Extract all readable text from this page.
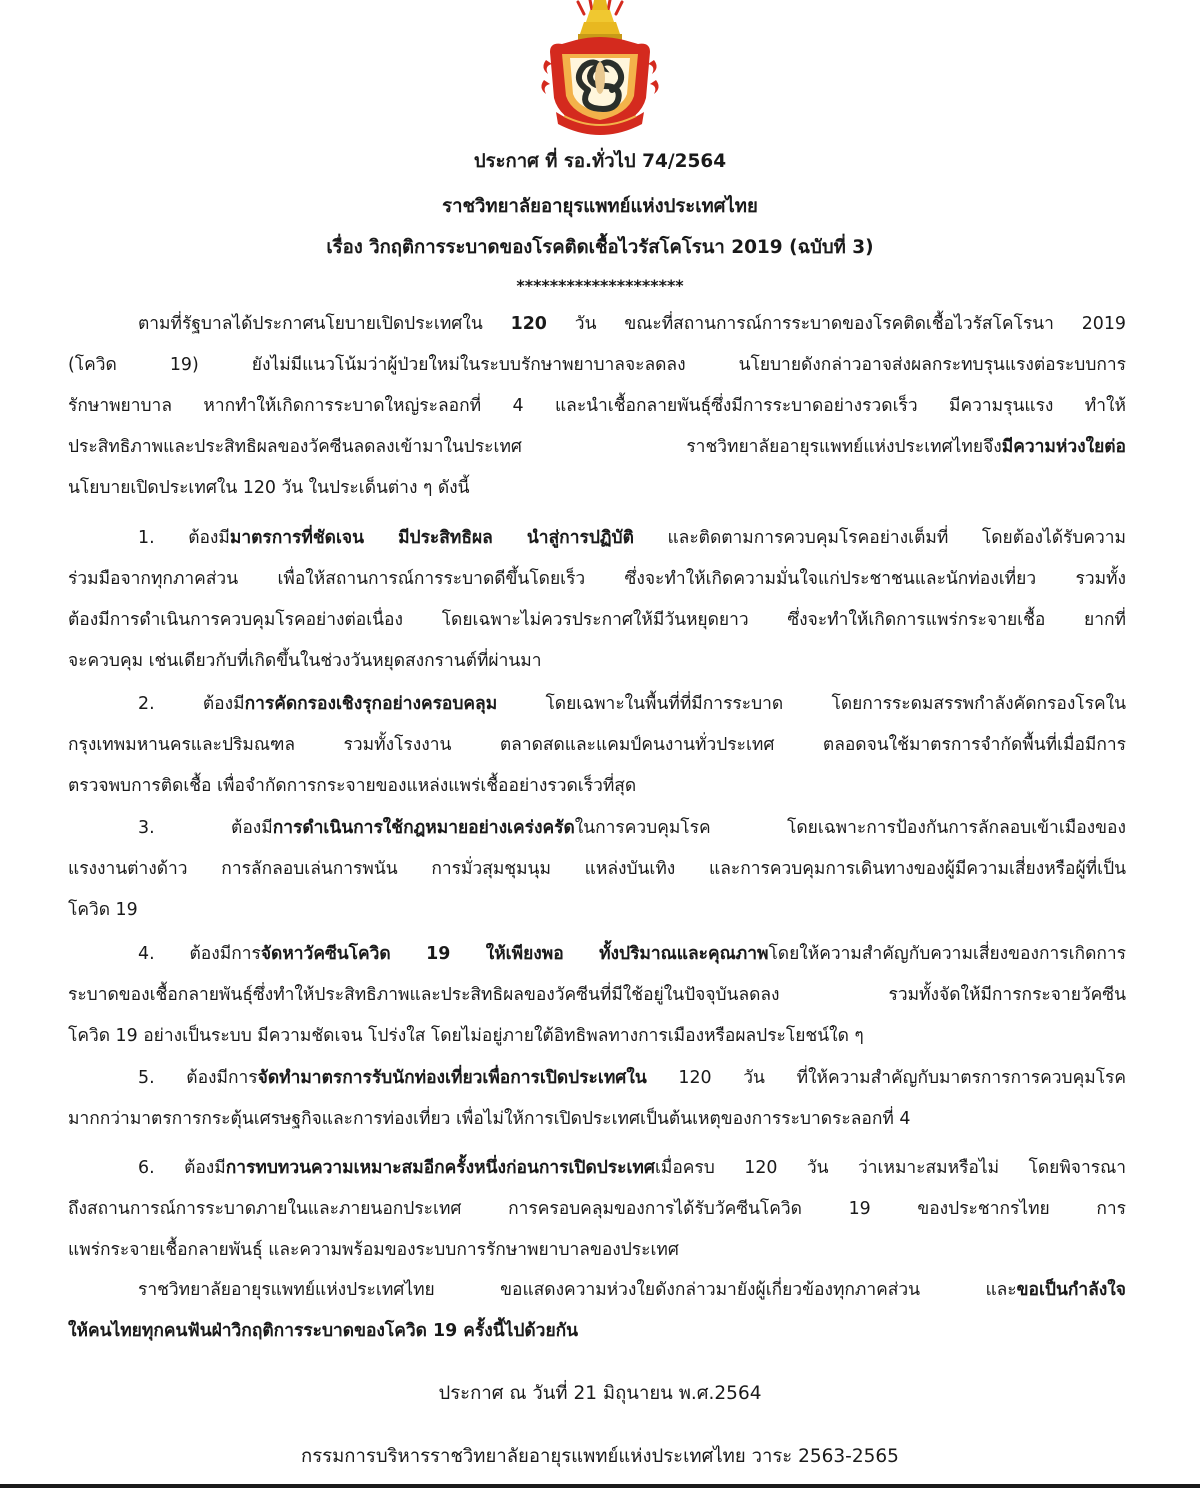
ประกาศ ที่ รอ.ทั่วไป 74/2564
ราชวิทยาลัยอายุรแพทย์แห่งประเทศไทย
เรื่อง วิกฤติการระบาดของโรคติดเชื้อไวรัสโคโรนา 2019 (ฉบับที่ 3)
********************
ตามที่รัฐบาลได้ประกาศนโยบายเปิดประเทศใน 120 วัน ขณะที่สถานการณ์การระบาดของโรคติดเชื้อไวรัสโคโรนา 2019
(โควิด 19) ยังไม่มีแนวโน้มว่าผู้ป่วยใหม่ในระบบรักษาพยาบาลจะลดลง นโยบายดังกล่าวอาจส่งผลกระทบรุนแรงต่อระบบการ
รักษาพยาบาล หากทำให้เกิดการระบาดใหญ่ระลอกที่ 4 และนำเชื้อกลายพันธุ์ซึ่งมีการระบาดอย่างรวดเร็ว มีความรุนแรง ทำให้
ประสิทธิภาพและประสิทธิผลของวัคซีนลดลงเข้ามาในประเทศ ราชวิทยาลัยอายุรแพทย์แห่งประเทศไทยจึงมีความห่วงใยต่อ
นโยบายเปิดประเทศใน 120 วัน ในประเด็นต่าง ๆ ดังนี้
1. ต้องมีมาตรการที่ชัดเจน มีประสิทธิผล นำสู่การปฏิบัติ และติดตามการควบคุมโรคอย่างเต็มที่ โดยต้องได้รับความ
ร่วมมือจากทุกภาคส่วน เพื่อให้สถานการณ์การระบาดดีขึ้นโดยเร็ว ซึ่งจะทำให้เกิดความมั่นใจแก่ประชาชนและนักท่องเที่ยว รวมทั้ง
ต้องมีการดำเนินการควบคุมโรคอย่างต่อเนื่อง โดยเฉพาะไม่ควรประกาศให้มีวันหยุดยาว ซึ่งจะทำให้เกิดการแพร่กระจายเชื้อ ยากที่
จะควบคุม เช่นเดียวกับที่เกิดขึ้นในช่วงวันหยุดสงกรานต์ที่ผ่านมา
2.	ต้องมีการคัดกรองเชิงรุกอย่างครอบคลุม โดยเฉพาะในพื้นที่ที่มีการระบาด โดยการระดมสรรพกำลังคัดกรองโรคใน
กรุงเทพมหานครและปริมณฑล รวมทั้งโรงงาน ตลาดสดและแคมป์คนงานทั่วประเทศ ตลอดจนใช้มาตรการจำกัดพื้นที่เมื่อมีการ
ตรวจพบการติดเชื้อ เพื่อจำกัดการกระจายของแหล่งแพร่เชื้ออย่างรวดเร็วที่สุด
3.	ต้องมีการดำเนินการใช้กฎหมายอย่างเคร่งครัดในการควบคุมโรค โดยเฉพาะการป้องกันการลักลอบเข้าเมืองของ
แรงงานต่างด้าว การลักลอบเล่นการพนัน การมั่วสุมชุมนุม แหล่งบันเทิง และการควบคุมการเดินทางของผู้มีความเสี่ยงหรือผู้ที่เป็น
โควิด 19
4. ต้องมีการจัดหาวัคซีนโควิด 19 ให้เพียงพอ ทั้งปริมาณและคุณภาพโดยให้ความสำคัญกับความเสี่ยงของการเกิดการ
ระบาดของเชื้อกลายพันธุ์ซึ่งทำให้ประสิทธิภาพและประสิทธิผลของวัคซีนที่มีใช้อยู่ในปัจจุบันลดลง รวมทั้งจัดให้มีการกระจายวัคซีน
โควิด 19 อย่างเป็นระบบ มีความชัดเจน โปร่งใส โดยไม่อยู่ภายใต้อิทธิพลทางการเมืองหรือผลประโยชน์ใด ๆ
5. ต้องมีการจัดทำมาตรการรับนักท่องเที่ยวเพื่อการเปิดประเทศใน 120 วัน ที่ให้ความสำคัญกับมาตรการการควบคุมโรค
มากกว่ามาตรการกระตุ้นเศรษฐกิจและการท่องเที่ยว เพื่อไม่ให้การเปิดประเทศเป็นต้นเหตุของการระบาดระลอกที่ 4
6. ต้องมีการทบทวนความเหมาะสมอีกครั้งหนึ่งก่อนการเปิดประเทศเมื่อครบ 120 วัน ว่าเหมาะสมหรือไม่ โดยพิจารณา
ถึงสถานการณ์การระบาดภายในและภายนอกประเทศ การครอบคลุมของการได้รับวัคซีนโควิด 19 ของประชากรไทย การ
แพร่กระจายเชื้อกลายพันธุ์ และความพร้อมของระบบการรักษาพยาบาลของประเทศ
ราชวิทยาลัยอายุรแพทย์แห่งประเทศไทย ขอแสดงความห่วงใยดังกล่าวมายังผู้เกี่ยวข้องทุกภาคส่วน และขอเป็นกำลังใจ
ให้คนไทยทุกคนฟันฝ่าวิกฤติการระบาดของโควิด 19 ครั้งนี้ไปด้วยกัน
ประกาศ ณ วันที่ 21 มิถุนายน พ.ศ.2564
กรรมการบริหารราชวิทยาลัยอายุรแพทย์แห่งประเทศไทย วาระ 2563-2565
